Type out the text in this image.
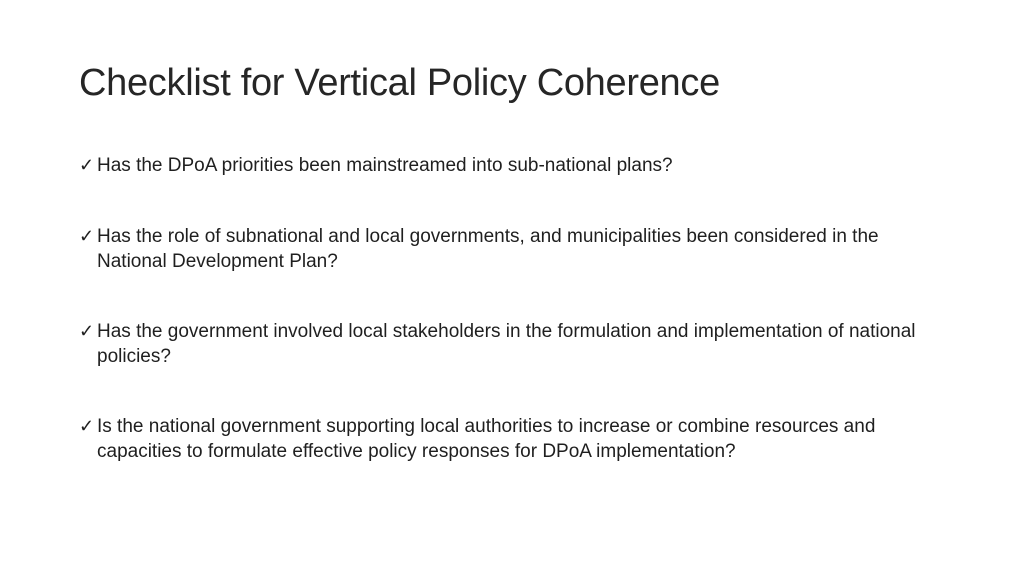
Checklist for Vertical Policy Coherence
✓ Has the DPoA priorities been mainstreamed into sub-national plans?
✓ Has the role of subnational and local governments, and municipalities been considered in the National Development Plan?
✓ Has the government involved local stakeholders in the formulation and implementation of national policies?
✓ Is the national government supporting local authorities to increase or combine resources and capacities to formulate effective policy responses for DPoA implementation?
